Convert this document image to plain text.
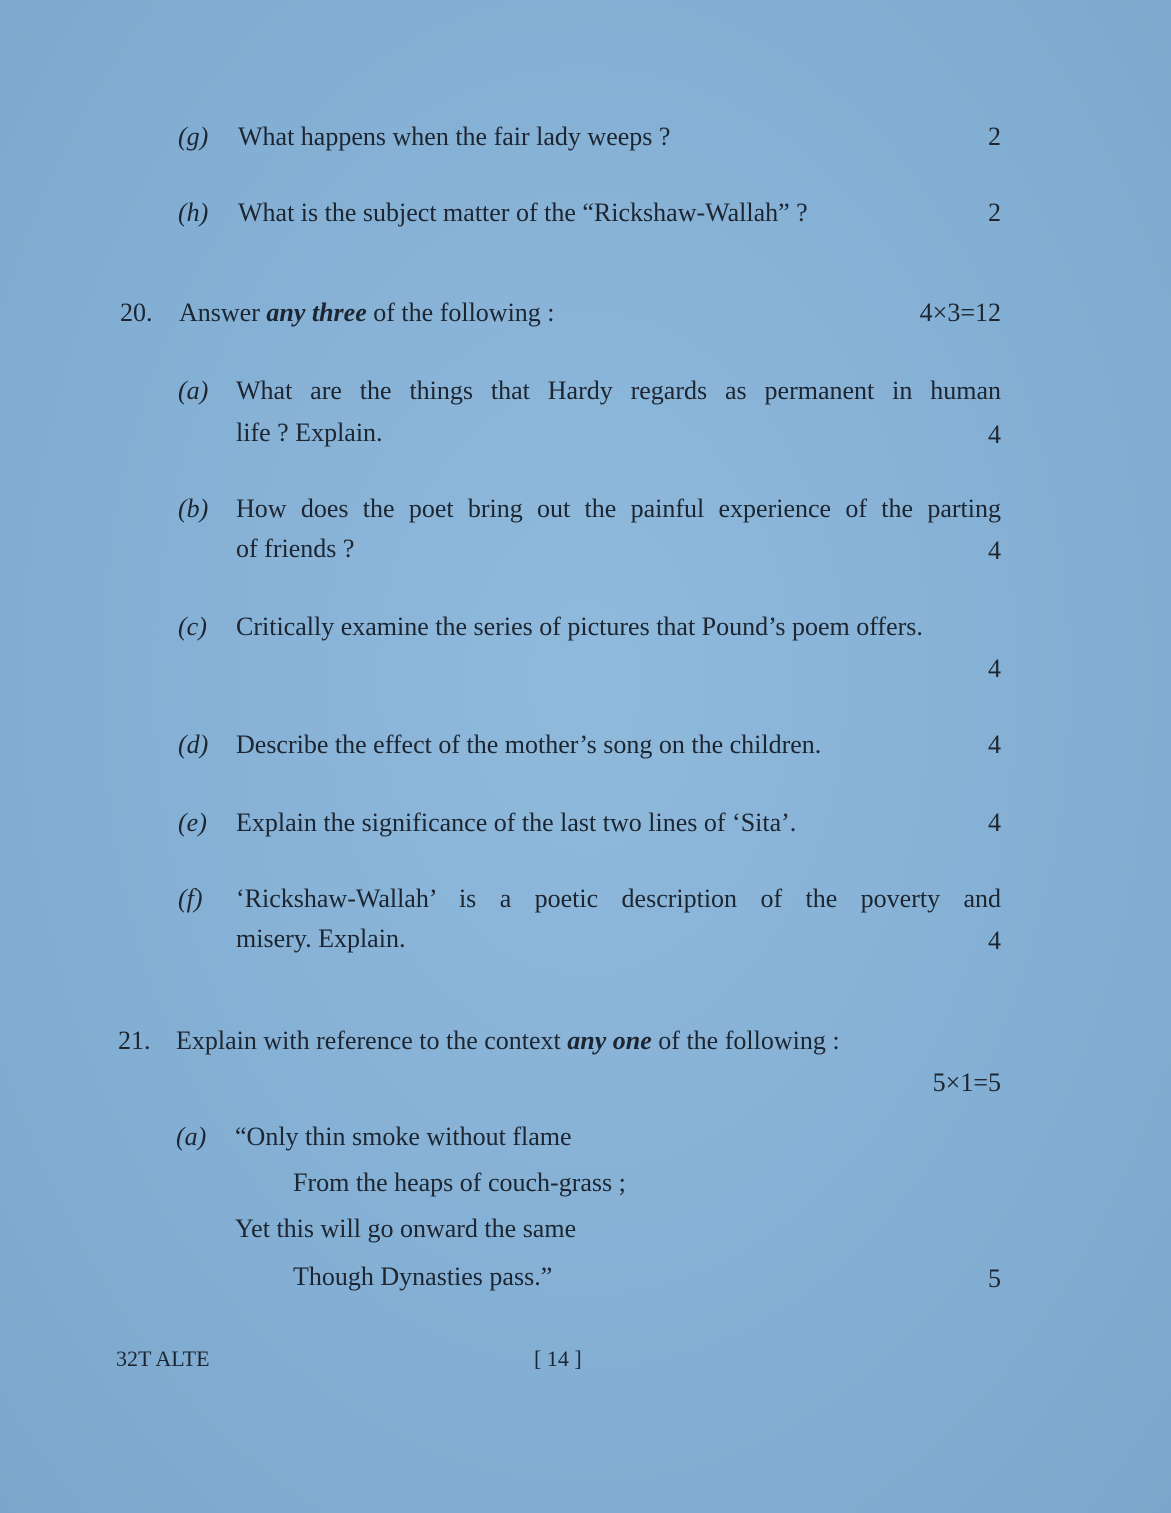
(g) What happens when the fair lady weeps ?	2
(h) What is the subject matter of the “Rickshaw-Wallah” ?	2
20. Answer any three of the following :	4×3=12
(a) What are the things that Hardy regards as permanent in human
life ? Explain.	4
(b) How does the poet bring out the painful experience of the parting
of friends ?	4
(c) Critically examine the series of pictures that Pound’s poem offers.
4
(d) Describe the effect of the mother’s song on the children.	4
(e) Explain the significance of the last two lines of ‘Sita’.	4
(f) ‘Rickshaw-Wallah’ is a poetic description of the poverty and
misery. Explain.	4
21. Explain with reference to the context any one of the following :
5×1=5
(a) “Only thin smoke without flame
From the heaps of couch-grass ;
Yet this will go onward the same
Though Dynasties pass.”	5
32T ALTE	[ 14 ]
